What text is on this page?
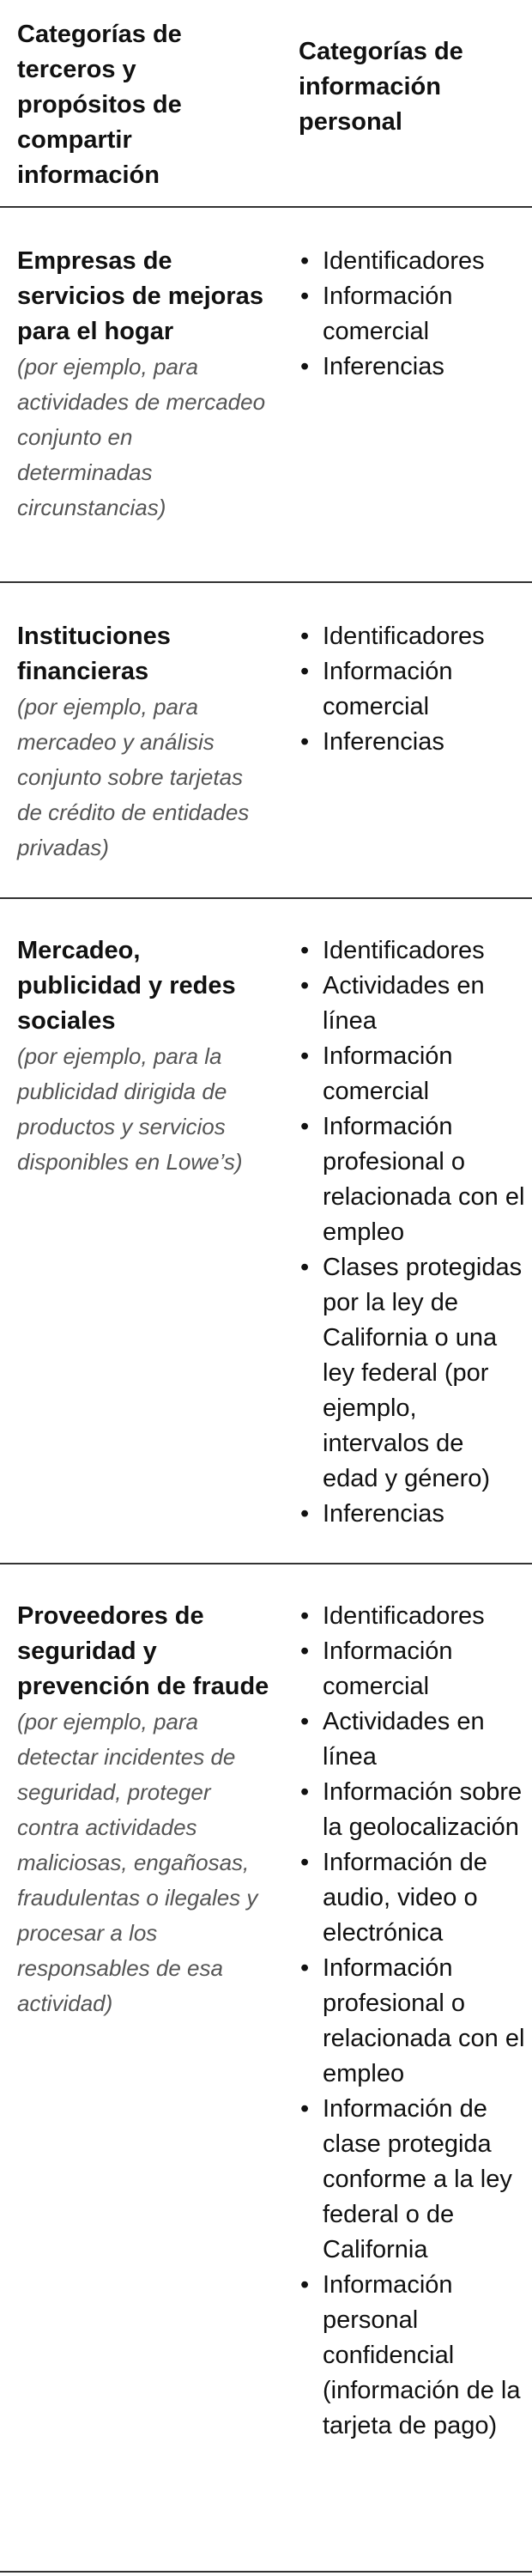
Categorías de terceros y propósitos de compartir información

Categorías de información personal

Empresas de servicios de mejoras para el hogar

(por ejemplo, para actividades de mercadeo conjunto en determinadas circunstancias)

• Identificadores
• Información comercial
• Inferencias

Instituciones financieras

(por ejemplo, para mercadeo y análisis conjunto sobre tarjetas de crédito de entidades privadas)

• Identificadores
• Información comercial
• Inferencias

Mercadeo, publicidad y redes sociales

(por ejemplo, para la publicidad dirigida de productos y servicios disponibles en Lowe’s)

• Identificadores
• Actividades en línea
• Información comercial
• Información profesional o relacionada con el empleo
• Clases protegidas por la ley de California o una ley federal (por ejemplo, intervalos de edad y género)
• Inferencias

Proveedores de seguridad y prevención de fraude

(por ejemplo, para detectar incidentes de seguridad, proteger contra actividades maliciosas, engañosas, fraudulentas o ilegales y procesar a los responsables de esa actividad)

• Identificadores
• Información comercial
• Actividades en línea
• Información sobre la geolocalización
• Información de audio, video o electrónica
• Información profesional o relacionada con el empleo
• Información de clase protegida conforme a la ley federal o de California
• Información personal confidencial (información de la tarjeta de pago)
